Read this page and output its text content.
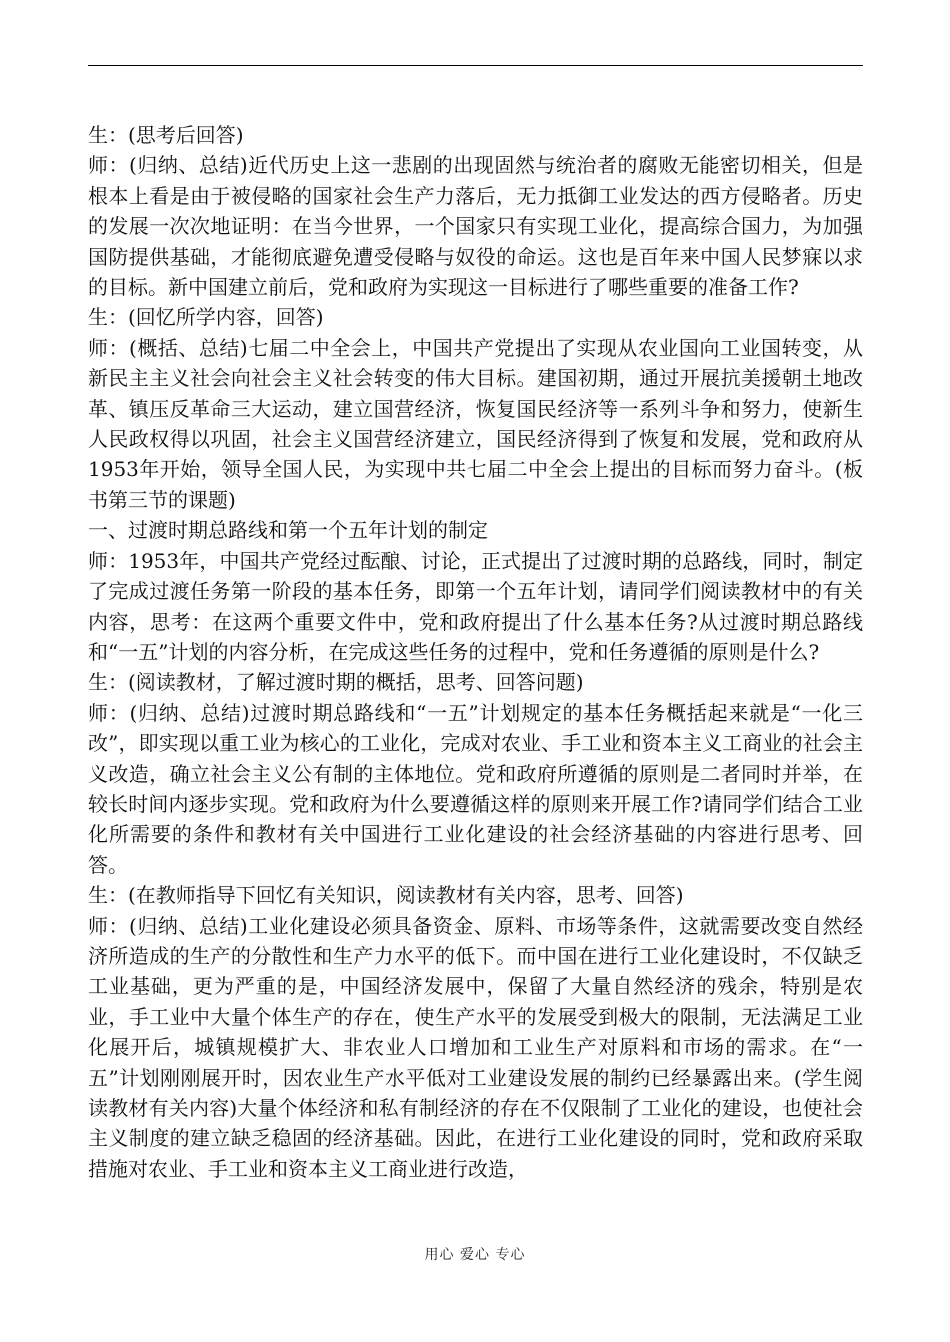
生：(思考后回答)

师：(归纳、总结)近代历史上这一悲剧的出现固然与统治者的腐败无能密切相关，但是根本上看是由于被侵略的国家社会生产力落后，无力抵御工业发达的西方侵略者。历史的发展一次次地证明：在当今世界，一个国家只有实现工业化，提高综合国力，为加强国防提供基础，才能彻底避免遭受侵略与奴役的命运。这也是百年来中国人民梦寐以求的目标。新中国建立前后，党和政府为实现这一目标进行了哪些重要的准备工作?

生：(回忆所学内容，回答)

师：(概括、总结)七届二中全会上，中国共产党提出了实现从农业国向工业国转变，从新民主主义社会向社会主义社会转变的伟大目标。建国初期，通过开展抗美援朝土地改革、镇压反革命三大运动，建立国营经济，恢复国民经济等一系列斗争和努力，使新生人民政权得以巩固，社会主义国营经济建立，国民经济得到了恢复和发展，党和政府从1953年开始，领导全国人民，为实现中共七届二中全会上提出的目标而努力奋斗。(板书第三节的课题)

一、过渡时期总路线和第一个五年计划的制定

师：1953年，中国共产党经过酝酿、讨论，正式提出了过渡时期的总路线，同时，制定了完成过渡任务第一阶段的基本任务，即第一个五年计划，请同学们阅读教材中的有关内容，思考：在这两个重要文件中，党和政府提出了什么基本任务?从过渡时期总路线和“一五”计划的内容分析，在完成这些任务的过程中，党和任务遵循的原则是什么?

生：(阅读教材，了解过渡时期的概括，思考、回答问题)

师：(归纳、总结)过渡时期总路线和“一五”计划规定的基本任务概括起来就是“一化三改”，即实现以重工业为核心的工业化，完成对农业、手工业和资本主义工商业的社会主义改造，确立社会主义公有制的主体地位。党和政府所遵循的原则是二者同时并举，在较长时间内逐步实现。党和政府为什么要遵循这样的原则来开展工作?请同学们结合工业化所需要的条件和教材有关中国进行工业化建设的社会经济基础的内容进行思考、回答。

生：(在教师指导下回忆有关知识，阅读教材有关内容，思考、回答)

师：(归纳、总结)工业化建设必须具备资金、原料、市场等条件，这就需要改变自然经济所造成的生产的分散性和生产力水平的低下。而中国在进行工业化建设时，不仅缺乏工业基础，更为严重的是，中国经济发展中，保留了大量自然经济的残余，特别是农业，手工业中大量个体生产的存在，使生产水平的发展受到极大的限制，无法满足工业化展开后，城镇规模扩大、非农业人口增加和工业生产对原料和市场的需求。在“一五”计划刚刚展开时，因农业生产水平低对工业建设发展的制约已经暴露出来。(学生阅读教材有关内容)大量个体经济和私有制经济的存在不仅限制了工业化的建设，也使社会主义制度的建立缺乏稳固的经济基础。因此，在进行工业化建设的同时，党和政府采取措施对农业、手工业和资本主义工商业进行改造，

用心 爱心 专心
